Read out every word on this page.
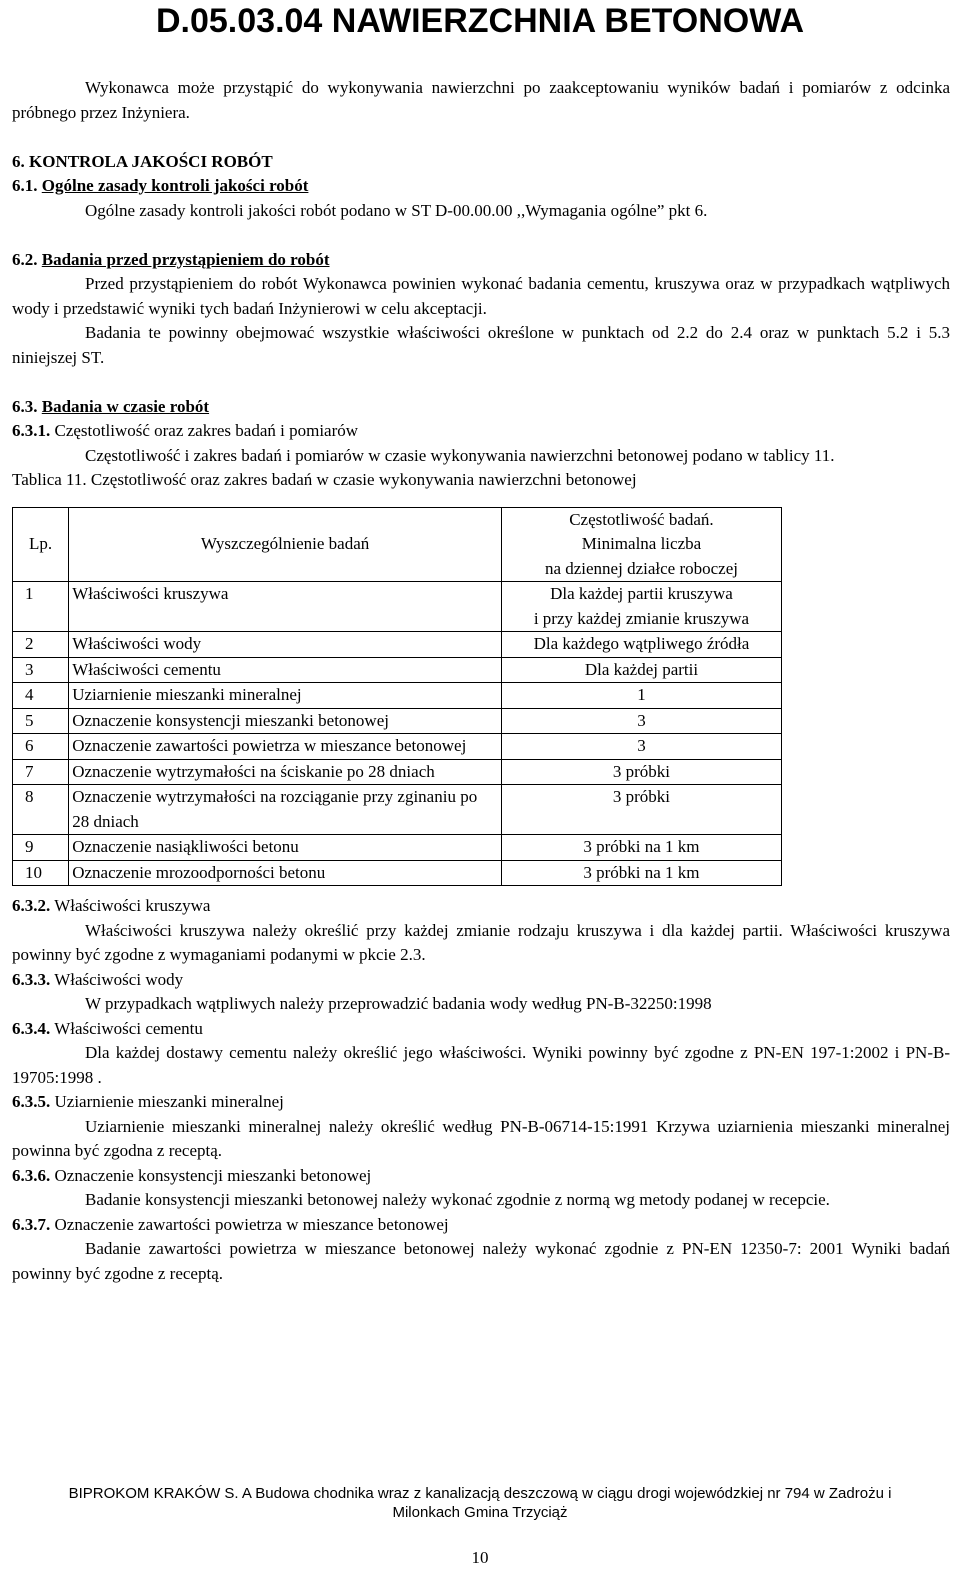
D.05.03.04 NAWIERZCHNIA BETONOWA

Wykonawca może przystąpić do wykonywania nawierzchni po zaakceptowaniu wyników badań i pomiarów z odcinka próbnego przez Inżyniera.

6. KONTROLA JAKOŚCI ROBÓT
6.1. Ogólne zasady kontroli jakości robót
Ogólne zasady kontroli jakości robót podano w ST D-00.00.00 ,,Wymagania ogólne” pkt 6.
6.2. Badania przed przystąpieniem do robót

Przed przystąpieniem do robót Wykonawca powinien wykonać badania cementu, kruszywa oraz w przypadkach wątpliwych wody i przedstawić wyniki tych badań Inżynierowi w celu akceptacji.

Badania te powinny obejmować wszystkie właściwości określone w punktach od 2.2 do 2.4 oraz w punktach 5.2 i 5.3 niniejszej ST.

6.3. Badania w czasie robót
6.3.1. Częstotliwość oraz zakres badań i pomiarów

Częstotliwość i zakres badań i pomiarów w czasie wykonywania nawierzchni betonowej podano w tablicy 11.

Tablica 11. Częstotliwość oraz zakres badań w czasie wykonywania nawierzchni betonowej
Lp.	Wyszczególnienie badań	Częstotliwość badań.
Minimalna liczba
na dziennej działce roboczej

1	Właściwości kruszywa	Dla każdej partii kruszywa
i przy każdej zmianie kruszywa

2	Właściwości wody	Dla każdego wątpliwego źródła

3	Właściwości cementu	Dla każdej partii

4	Uziarnienie mieszanki mineralnej	1

5	Oznaczenie konsystencji mieszanki betonowej	3

6	Oznaczenie zawartości powietrza w mieszance betonowej	3

7	Oznaczenie wytrzymałości na ściskanie po 28 dniach	3 próbki

8	Oznaczenie wytrzymałości na rozciąganie przy zginaniu po 28 dniach	3 próbki

9	Oznaczenie nasiąkliwości betonu	3 próbki na 1 km

10	Oznaczenie mrozoodporności betonu	3 próbki na 1 km
6.3.2. Właściwości kruszywa

Właściwości kruszywa należy określić przy każdej zmianie rodzaju kruszywa i dla każdej partii. Właściwości kruszywa powinny być zgodne z wymaganiami podanymi w pkcie 2.3.

6.3.3. Właściwości wody

W przypadkach wątpliwych należy przeprowadzić badania wody według PN-B-32250:1998

6.3.4. Właściwości cementu

Dla każdej dostawy cementu należy określić jego właściwości. Wyniki powinny być zgodne z PN-EN 197-1:2002 i PN-B-19705:1998 .

6.3.5. Uziarnienie mieszanki mineralnej

Uziarnienie mieszanki mineralnej należy określić według PN-B-06714-15:1991 Krzywa uziarnienia mieszanki mineralnej powinna być zgodna z receptą.

6.3.6. Oznaczenie konsystencji mieszanki betonowej

Badanie konsystencji mieszanki betonowej należy wykonać zgodnie z normą wg metody podanej w recepcie.

6.3.7. Oznaczenie zawartości powietrza w mieszance betonowej

Badanie zawartości powietrza w mieszance betonowej należy wykonać zgodnie z PN-EN 12350-7: 2001 Wyniki badań powinny być zgodne z receptą.

BIPROKOM KRAKÓW S. A Budowa chodnika wraz z kanalizacją deszczową w ciągu drogi wojewódzkiej nr 794 w Zadrożu i
Milonkach Gmina Trzyciąż
10
